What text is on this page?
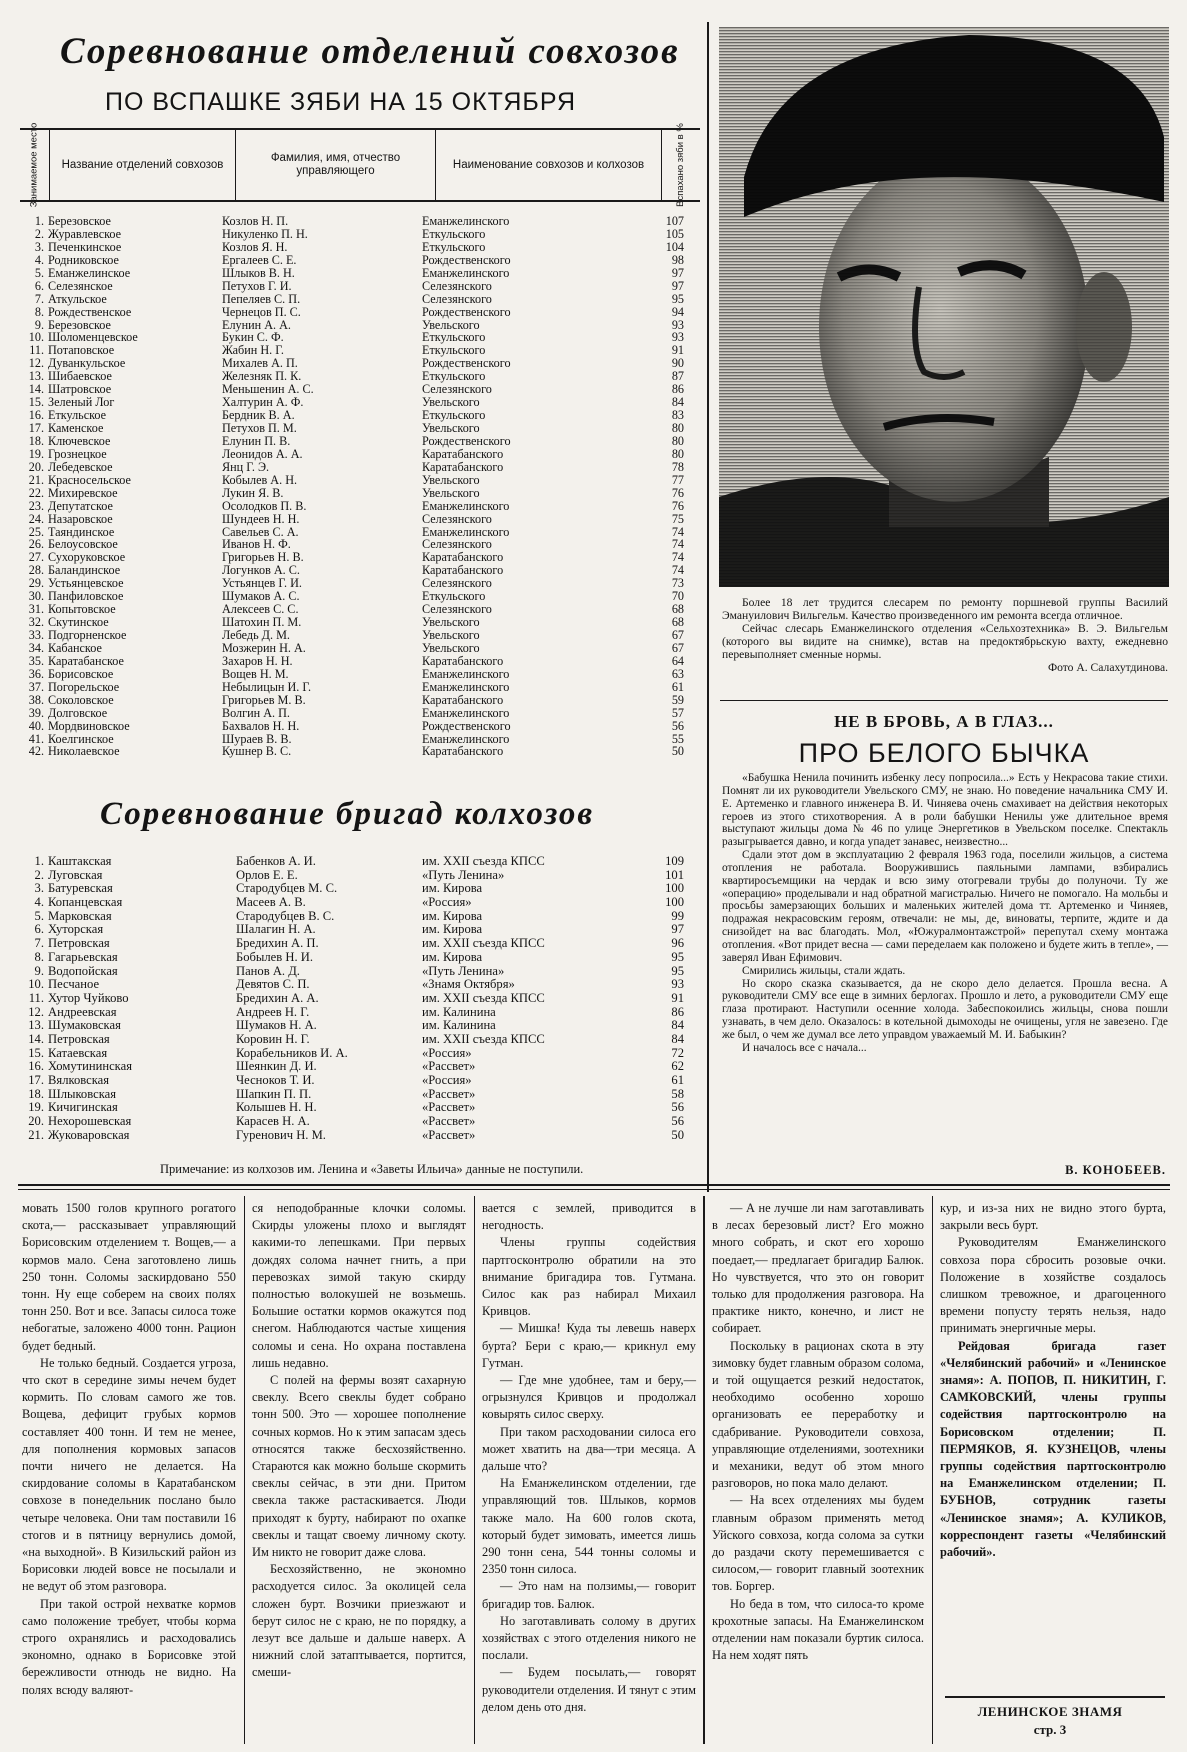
Соревнование отделений совхозов
ПО ВСПАШКЕ ЗЯБИ НА 15 ОКТЯБРЯ
Занимаемое место	Название отделений совхозов
Фамилия, имя, отчество управляющего
Наименование совхозов и колхозов	Вспахано зяби в %
1. Березовское	Козлов Н. П.	Еманжелинского	107
2. Журавлевское	Никуленко П. Н.	Еткульского	105
3. Печенкинское	Козлов Я. Н.	Еткульского	104
4. Родниковское	Ергалеев С. Е.	Рождественского	98
5. Еманжелинское	Шлыков В. Н.	Еманжелинского	97
6. Селезянское	Петухов Г. И.	Селезянского	97
7. Аткульское	Пепеляев С. П.	Селезянского	95
8. Рождественское	Чернецов П. С.	Рождественского	94
9. Березовское	Елунин А. А.	Увельского	93
10. Шоломенцевское	Букин С. Ф.	Еткульского	93
11. Потаповское	Жабин Н. Г.	Еткульского	91
12. Дуванкульское	Михалев А. П.	Рождественского	90
13. Шибаевское	Железняк П. К.	Еткульского	87
14. Шатровское	Меньшенин А. С.	Селезянского	86
15. Зеленый Лог	Халтурин А. Ф.	Увельского	84
16. Еткульское	Бердник В. А.	Еткульского	83
17. Каменское	Петухов П. М.	Увельского	80
18. Ключевское	Елунин П. В.	Рождественского	80
19. Грознецкое	Леонидов А. А.	Каратабанского	80
20. Лебедевское	Янц Г. Э.	Каратабанского	78
21. Красносельское	Кобылев А. Н.	Увельского	77
22. Михиревское	Лукин Я. В.	Увельского	76
23. Депутатское	Осолодков П. В.	Еманжелинского	76
24. Назаровское	Шундеев Н. Н.	Селезянского	75
25. Таяндинское	Савельев С. А.	Еманжелинского	74
26. Белоусовское	Иванов Н. Ф.	Селезянского	74
27. Сухоруковское	Григорьев Н. В.	Каратабанского	74
28. Баландинское	Логунков А. С.	Каратабанского	74
29. Устьянцевское	Устьянцев Г. И.	Селезянского	73
30. Панфиловское	Шумаков А. С.	Еткульского	70
31. Копытовское	Алексеев С. С.	Селезянского	68
32. Скутинское	Шатохин П. М.	Увельского	68
33. Подгорненское	Лебедь Д. М.	Увельского	67
34. Кабанское	Мозжерин Н. А.	Увельского	67
35. Каратабанское	Захаров Н. Н.	Каратабанского	64
36. Борисовское	Вощев Н. М.	Еманжелинского	63
37. Погорельское	Небылицын И. Г.	Еманжелинского	61
38. Соколовское	Григорьев М. В.	Каратабанского	59
39. Долговское	Волгин А. П.	Еманжелинского	57
40. Мордвиновское	Бахвалов Н. Н.	Рождественского	56
41. Коелгинское	Шураев В. В.	Еманжелинского	55
42. Николаевское	Кушнер В. С.	Каратабанского	50
Соревнование бригад колхозов
1. Каштакская	Бабенков А. И.	им. XXII съезда КПСС	109
2. Луговская	Орлов Е. Е.	«Путь Ленина»	101
3. Батуревская	Стародубцев М. С.	им. Кирова	100
4. Копанцевская	Масеев А. В.	«Россия»	100
5. Марковская	Стародубцев В. С.	им. Кирова	99
6. Хуторская	Шалагин Н. А.	им. Кирова	97
7. Петровская	Бредихин А. П.	им. XXII съезда КПСС	96
8. Гагарьевская	Бобылев Н. И.	им. Кирова	95
9. Водопойская	Панов А. Д.	«Путь Ленина»	95
10. Песчаное	Девятов С. П.	«Знамя Октября»	93
11. Хутор Чуйково	Бредихин А. А.	им. XXII съезда КПСС	91
12. Андреевская	Андреев Н. Г.	им. Калинина	86
13. Шумаковская	Шумаков Н. А.	им. Калинина	84
14. Петровская	Коровин Н. Г.	им. XXII съезда КПСС	84
15. Катаевская	Корабельников И. А.	«Россия»	72
16. Хомутининская	Шеянкин Д. И.	«Рассвет»	62
17. Вялковская	Чесноков Т. И.	«Россия»	61
18. Шлыковская	Шапкин П. П.	«Рассвет»	58
19. Кичигинская	Колышев Н. Н.	«Рассвет»	56
20. Нехорошевская	Карасев Н. А.	«Рассвет»	56
21. Жуковаровская	Гуренович Н. М.	«Рассвет»	50
Примечание: из колхозов им. Ленина и «Заветы Ильича» данные не поступили.

Более 18 лет трудится слесарем по ремонту поршневой группы Василий Эмануилович Вильгельм. Качество произведенного им ремонта всегда отличное.

Сейчас слесарь Еманжелинского отделения «Сельхозтехника» В. Э. Вильгельм (которого вы видите на снимке), встав на предоктябрьскую вахту, ежедневно перевыполняет сменные нормы.

Фото А. Салахутдинова.

НЕ В БРОВЬ, А В ГЛАЗ...
ПРО БЕЛОГО БЫЧКА

«Бабушка Ненила починить избенку лесу попросила...» Есть у Некрасова такие стихи. Помнят ли их руководители Увельского СМУ, не знаю. Но поведение начальника СМУ И. Е. Артеменко и главного инженера В. И. Чиняева очень смахивает на действия некоторых героев из этого стихотворения. А в роли бабушки Ненилы уже длительное время выступают жильцы дома № 46 по улице Энергетиков в Увельском поселке. Спектакль разыгрывается давно, и когда упадет занавес, неизвестно...

Сдали этот дом в эксплуатацию 2 февраля 1963 года, поселили жильцов, а система отопления не работала. Вооружившись паяльными лампами, взбирались квартиросъемщики на чердак и всю зиму отогревали трубы до полуночи. Ту же «операцию» проделывали и над обратной магистралью. Ничего не помогало. На мольбы и просьбы замерзающих больших и маленьких жителей дома тт. Артеменко и Чиняев, подражая некрасовским героям, отвечали: не мы, де, виноваты, терпите, ждите и да снизойдет на вас благодать. Мол, «Южуралмонтажстрой» перепутал схему монтажа отопления. «Вот придет весна — сами переделаем как положено и будете жить в тепле», — заверял Иван Ефимович.

Смирились жильцы, стали ждать.

Но скоро сказка сказывается, да не скоро дело делается. Прошла весна. А руководители СМУ все еще в зимних берлогах. Прошло и лето, а руководители СМУ еще глаза протирают. Наступили осенние холода. Забеспокоились жильцы, снова пошли узнавать, в чем дело. Оказалось: в котельной дымоходы не очищены, угля не завезено. Где же был, о чем же думал все лето управдом уважаемый М. И. Бабыкин?

И началось все с начала...

В. КОНОБЕЕВ.

мовать 1500 голов крупного рогатого скота,— рассказывает управляющий Борисовским отделением т. Вощев,— а кормов мало. Сена заготовлено лишь 250 тонн. Соломы заскирдовано 550 тонн. Ну еще соберем на своих полях тонн 250. Вот и все. Запасы силоса тоже небогатые, заложено 4000 тонн. Рацион будет бедный.

Не только бедный. Создается угроза, что скот в середине зимы нечем будет кормить. По словам самого же тов. Вощева, дефицит грубых кормов составляет 400 тонн. И тем не менее, для пополнения кормовых запасов почти ничего не делается. На скирдование соломы в Каратабанском совхозе в понедельник послано было четыре человека. Они там поставили 16 стогов и в пятницу вернулись домой, «на выходной». В Кизильский район из Борисовки людей вовсе не посылали и не ведут об этом разговора.

При такой острой нехватке кормов само положение требует, чтобы корма строго охранялись и расходовались экономно, однако в Борисовке этой бережливости отнюдь не видно. На полях всюду валяют-

ся неподобранные клочки соломы. Скирды уложены плохо и выглядят какими-то лепешками. При первых дождях солома начнет гнить, а при перевозках зимой такую скирду полностью волокушей не возьмешь. Большие остатки кормов окажутся под снегом. Наблюдаются частые хищения соломы и сена. Но охрана поставлена лишь недавно.

С полей на фермы возят сахарную свеклу. Всего свеклы будет собрано тонн 500. Это — хорошее пополнение сочных кормов. Но к этим запасам здесь относятся также бесхозяйственно. Стараются как можно больше скормить свеклы сейчас, в эти дни. Притом свекла также растаскивается. Люди приходят к бурту, набирают по охапке свеклы и тащат своему личному скоту. Им никто не говорит даже слова.

Бесхозяйственно, не экономно расходуется силос. За околицей села сложен бурт. Возчики приезжают и берут силос не с краю, не по порядку, а лезут все дальше и дальше наверх. А нижний слой затаптывается, портится, смеши-

вается с землей, приводится в негодность.

Члены группы содействия партгосконтролю обратили на это внимание бригадира тов. Гутмана. Силос как раз набирал Михаил Кривцов.

— Мишка! Куда ты левешь наверх бурта? Бери с краю,— крикнул ему Гутман.

— Где мне удобнее, там и беру,— огрызнулся Кривцов и продолжал ковырять силос сверху.

При таком расходовании силоса его может хватить на два—три месяца. А дальше что?

На Еманжелинском отделении, где управляющий тов. Шлыков, кормов также мало. На 600 голов скота, который будет зимовать, имеется лишь 290 тонн сена, 544 тонны соломы и 2350 тонн силоса.

— Это нам на ползимы,— говорит бригадир тов. Балюк.

Но заготавливать солому в других хозяйствах с этого отделения никого не послали.

— Будем посылать,— говорят руководители отделения. И тянут с этим делом день ото дня.

— А не лучше ли нам заготавливать в лесах березовый лист? Его можно много собрать, и скот его хорошо поедает,— предлагает бригадир Балюк. Но чувствуется, что это он говорит только для продолжения разговора. На практике никто, конечно, и лист не собирает.

Поскольку в рационах скота в эту зимовку будет главным образом солома, и той ощущается резкий недостаток, необходимо особенно хорошо организовать ее переработку и сдабривание. Руководители совхоза, управляющие отделениями, зоотехники и механики, ведут об этом много разговоров, но пока мало делают.

— На всех отделениях мы будем главным образом применять метод Уйского совхоза, когда солома за сутки до раздачи скоту перемешивается с силосом,— говорит главный зоотехник тов. Боргер.

Но беда в том, что силоса-то кроме крохотные запасы. На Еманжелинском отделении нам показали буртик силоса. На нем ходят пять

кур, и из-за них не видно этого бурта, закрыли весь бурт.

Руководителям Еманжелинского совхоза пора сбросить розовые очки. Положение в хозяйстве создалось слишком тревожное, и драгоценного времени попусту терять нельзя, надо принимать энергичные меры.

Рейдовая бригада газет «Челябинский рабочий» и «Ленинское знамя»: А. ПОПОВ, П. НИКИТИН, Г. САМКОВСКИЙ, члены группы содействия партгосконтролю на Борисовском отделении; П. ПЕРМЯКОВ, Я. КУЗНЕЦОВ, члены группы содействия партгосконтролю на Еманжелинском отделении; П. БУБНОВ, сотрудник газеты «Ленинское знамя»; А. КУЛИКОВ, корреспондент газеты «Челябинский рабочий».

ЛЕНИНСКОЕ ЗНАМЯ
стр. 3
